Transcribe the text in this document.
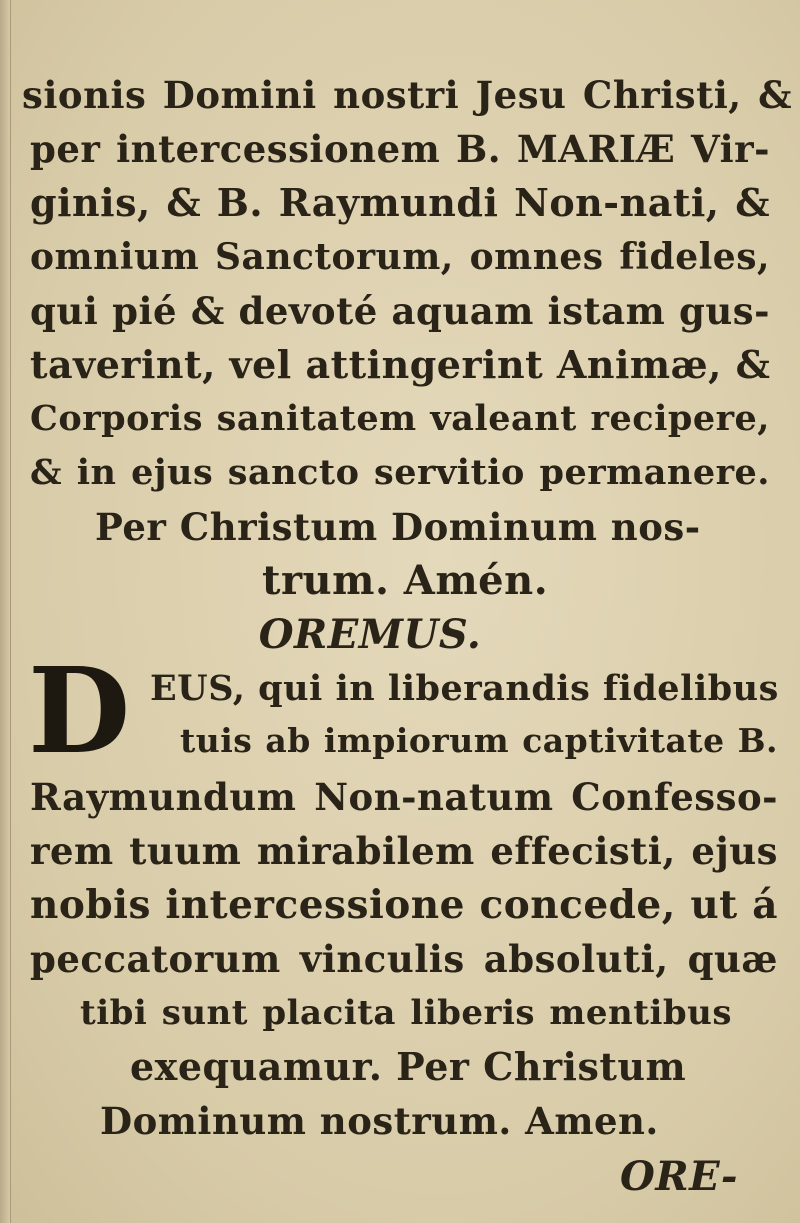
sionis Domini nostri Jesu Christi, &
per intercessionem B. MARIÆ Vir-
ginis, & B. Raymundi Non-nati, &
omnium Sanctorum, omnes fideles,
qui pié & devoté aquam istam gus-
taverint, vel attingerint Animæ, &
Corporis sanitatem valeant recipere,
& in ejus sancto servitio permanere.
Per Christum Dominum nos-
trum. Amén.
OREMUS.
D EUS, qui in liberandis fidelibus
tuis ab impiorum captivitate B.
Raymundum Non-natum Confesso-
rem tuum mirabilem effecisti, ejus
nobis intercessione concede, ut á
peccatorum vinculis absoluti, quæ
tibi sunt placita liberis mentibus
exequamur. Per Christum
Dominum nostrum. Amen.
ORE-
